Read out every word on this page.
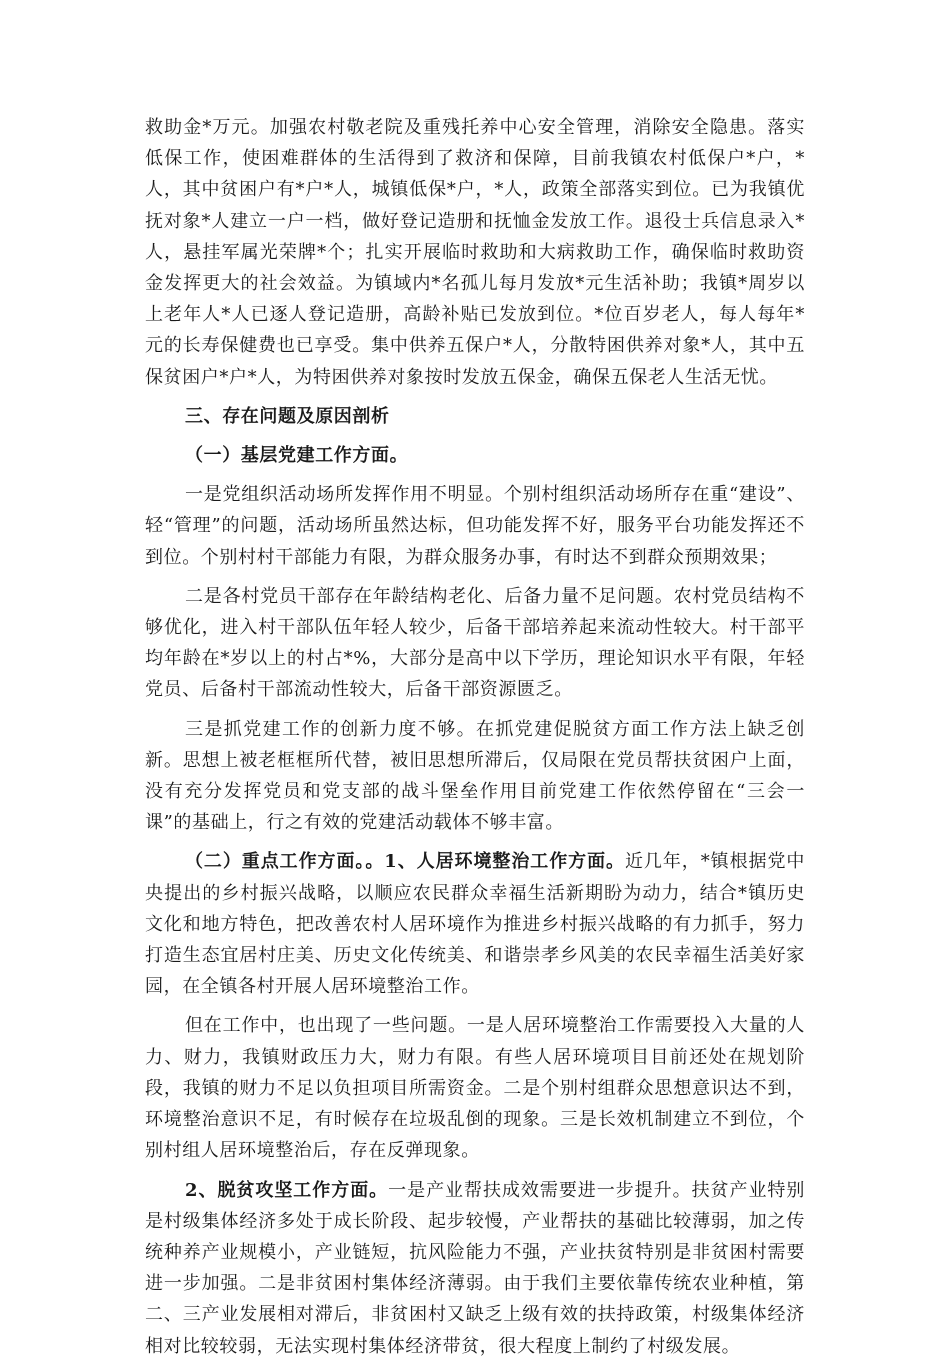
救助金*万元。加强农村敬老院及重残托养中心安全管理，消除安全隐患。落实低保工作，使困难群体的生活得到了救济和保障，目前我镇农村低保户*户，*人，其中贫困户有*户*人，城镇低保*户，*人，政策全部落实到位。已为我镇优抚对象*人建立一户一档，做好登记造册和抚恤金发放工作。退役士兵信息录入*人，悬挂军属光荣牌*个；扎实开展临时救助和大病救助工作，确保临时救助资金发挥更大的社会效益。为镇域内*名孤儿每月发放*元生活补助；我镇*周岁以上老年人*人已逐人登记造册，高龄补贴已发放到位。*位百岁老人，每人每年*元的长寿保健费也已享受。集中供养五保户*人，分散特困供养对象*人，其中五保贫困户*户*人，为特困供养对象按时发放五保金，确保五保老人生活无忧。

三、存在问题及原因剖析

（一）基层党建工作方面。

一是党组织活动场所发挥作用不明显。个别村组织活动场所存在重“建设”、轻“管理”的问题，活动场所虽然达标，但功能发挥不好，服务平台功能发挥还不到位。个别村村干部能力有限，为群众服务办事，有时达不到群众预期效果；

二是各村党员干部存在年龄结构老化、后备力量不足问题。农村党员结构不够优化，进入村干部队伍年轻人较少，后备干部培养起来流动性较大。村干部平均年龄在*岁以上的村占*%，大部分是高中以下学历，理论知识水平有限，年轻党员、后备村干部流动性较大，后备干部资源匮乏。

三是抓党建工作的创新力度不够。在抓党建促脱贫方面工作方法上缺乏创新。思想上被老框框所代替，被旧思想所滞后，仅局限在党员帮扶贫困户上面，没有充分发挥党员和党支部的战斗堡垒作用目前党建工作依然停留在“三会一课”的基础上，行之有效的党建活动载体不够丰富。

（二）重点工作方面。。1、人居环境整治工作方面。近几年，*镇根据党中央提出的乡村振兴战略，以顺应农民群众幸福生活新期盼为动力，结合*镇历史文化和地方特色，把改善农村人居环境作为推进乡村振兴战略的有力抓手，努力打造生态宜居村庄美、历史文化传统美、和谐崇孝乡风美的农民幸福生活美好家园，在全镇各村开展人居环境整治工作。

但在工作中，也出现了一些问题。一是人居环境整治工作需要投入大量的人力、财力，我镇财政压力大，财力有限。有些人居环境项目目前还处在规划阶段，我镇的财力不足以负担项目所需资金。二是个别村组群众思想意识达不到，环境整治意识不足，有时候存在垃圾乱倒的现象。三是长效机制建立不到位，个别村组人居环境整治后，存在反弹现象。

2、脱贫攻坚工作方面。一是产业帮扶成效需要进一步提升。扶贫产业特别是村级集体经济多处于成长阶段、起步较慢，产业帮扶的基础比较薄弱，加之传统种养产业规模小，产业链短，抗风险能力不强，产业扶贫特别是非贫困村需要进一步加强。二是非贫困村集体经济薄弱。由于我们主要依靠传统农业种植，第二、三产业发展相对滞后，非贫困村又缺乏上级有效的扶持政策，村级集体经济相对比较较弱，无法实现村集体经济带贫，很大程度上制约了村级发展。
